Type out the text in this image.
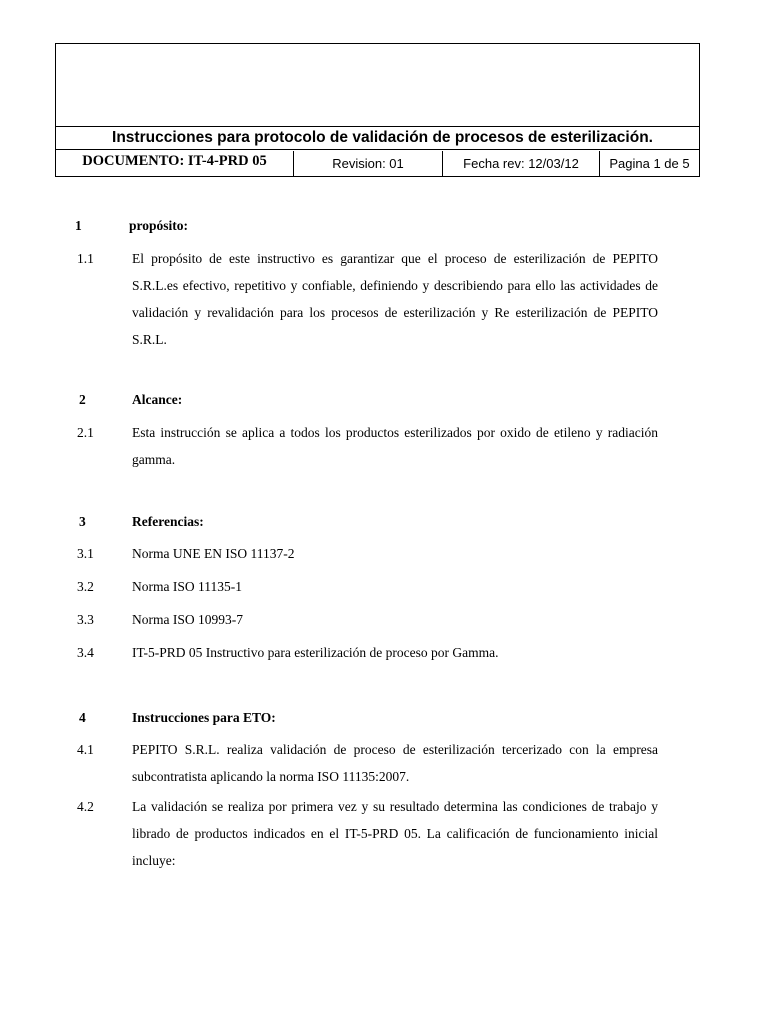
Instrucciones para protocolo de validación de procesos de esterilización.
DOCUMENTO: IT-4-PRD 05	Revision: 01	Fecha rev: 12/03/12	Pagina 1 de 5
1	propósito:
1.1	El propósito de este instructivo es garantizar que el proceso de esterilización de PEPITO S.R.L.es efectivo, repetitivo y confiable, definiendo y describiendo para ello las actividades de validación y revalidación para los procesos de esterilización y Re esterilización de PEPITO S.R.L.

2	Alcance:
2.1	Esta instrucción se aplica a todos los productos esterilizados por oxido de etileno y radiación gamma.

3	Referencias:
3.1	Norma UNE EN ISO 11137-2
3.2	Norma ISO 11135-1
3.3	Norma ISO 10993-7
3.4	IT-5-PRD 05 Instructivo para esterilización de proceso por Gamma.
4	Instrucciones para ETO:
4.1	PEPITO S.R.L. realiza validación de proceso de esterilización tercerizado con la empresa subcontratista aplicando la norma ISO 11135:2007.

4.2	La validación se realiza por primera vez y su resultado determina las condiciones de trabajo y librado de productos indicados en el IT-5-PRD 05. La calificación de funcionamiento inicial incluye:
